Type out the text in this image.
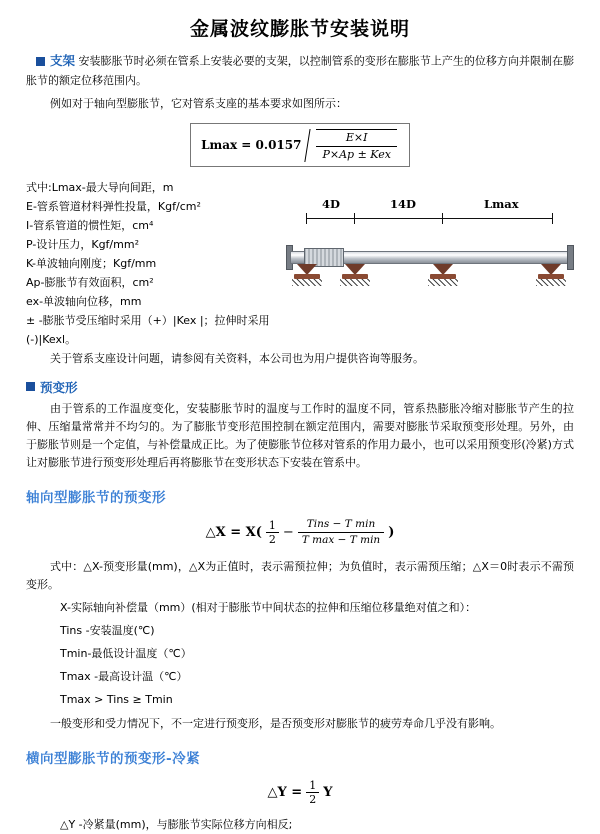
金属波纹膨胀节安装说明

支架 安装膨胀节时必须在管系上安装必要的支架，以控制管系的变形在膨胀节上产生的位移方向并限制在膨胀节的额定位移范围内。

例如对于轴向型膨胀节，它对管系支座的基本要求如图所示：

$Lmax = 0.0157 \frac{E\times I}{\text{P×Ap ± Kex}}$
式中:Lmax-最大导向间距，m
E-管系管道材料弹性投量，Kgf/cm²
I-管系管道的惯性矩，cm⁴
P-设计压力，Kgf/mm²
K-单波轴向刚度；Kgf/mm
Ap-膨胀节有效面积，cm²
ex-单波轴向位移，mm
± -膨胀节受压缩时采用（+）|Kex |；拉伸时采用(-)|Kexl。
4D	14D	Lmax

关于管系支座设计问题，请参阅有关资料，本公司也为用户提供咨询等服务。

预变形

由于管系的工作温度变化，安装膨胀节时的温度与工作时的温度不同，管系热膨胀冷缩对膨胀节产生的拉伸、压缩量常常并不均匀的。为了膨胀节变形范围控制在额定范围内，需要对膨胀节采取预变形处理。另外，由于膨胀节则是一个定值，与补偿量成正比。为了使膨胀节位移对管系的作用力最小，也可以采用预变形(冷紧)方式让对膨胀节进行预变形处理后再将膨胀节在变形状态下安装在管系中。

轴向型膨胀节的预变形
△X = $X( \frac{1}{2} - \frac{\text{Tins − T min}}{\text{T max − T min}}$ )

式中：△X-预变形量(mm)，△X为正值时，表示需预拉伸；为负值时，表示需预压缩；△X＝0时表示不需预变形。

X-实际轴向补偿量（mm）(相对于膨胀节中间状态的拉伸和压缩位移量绝对值之和）：

Tins -安装温度(℃)

Tmin-最低设计温度（℃）

Tmax -最高设计温（℃）

Tmax > Tins ≥ Tmin

一般变形和受力情况下，不一定进行预变形，是否预变形对膨胀节的疲劳寿命几乎没有影响。

横向型膨胀节的预变形-冷紧
△Y = $\frac{1}{2}$ Y

△Y -冷紧量(mm)，与膨胀节实际位移方向相反;
